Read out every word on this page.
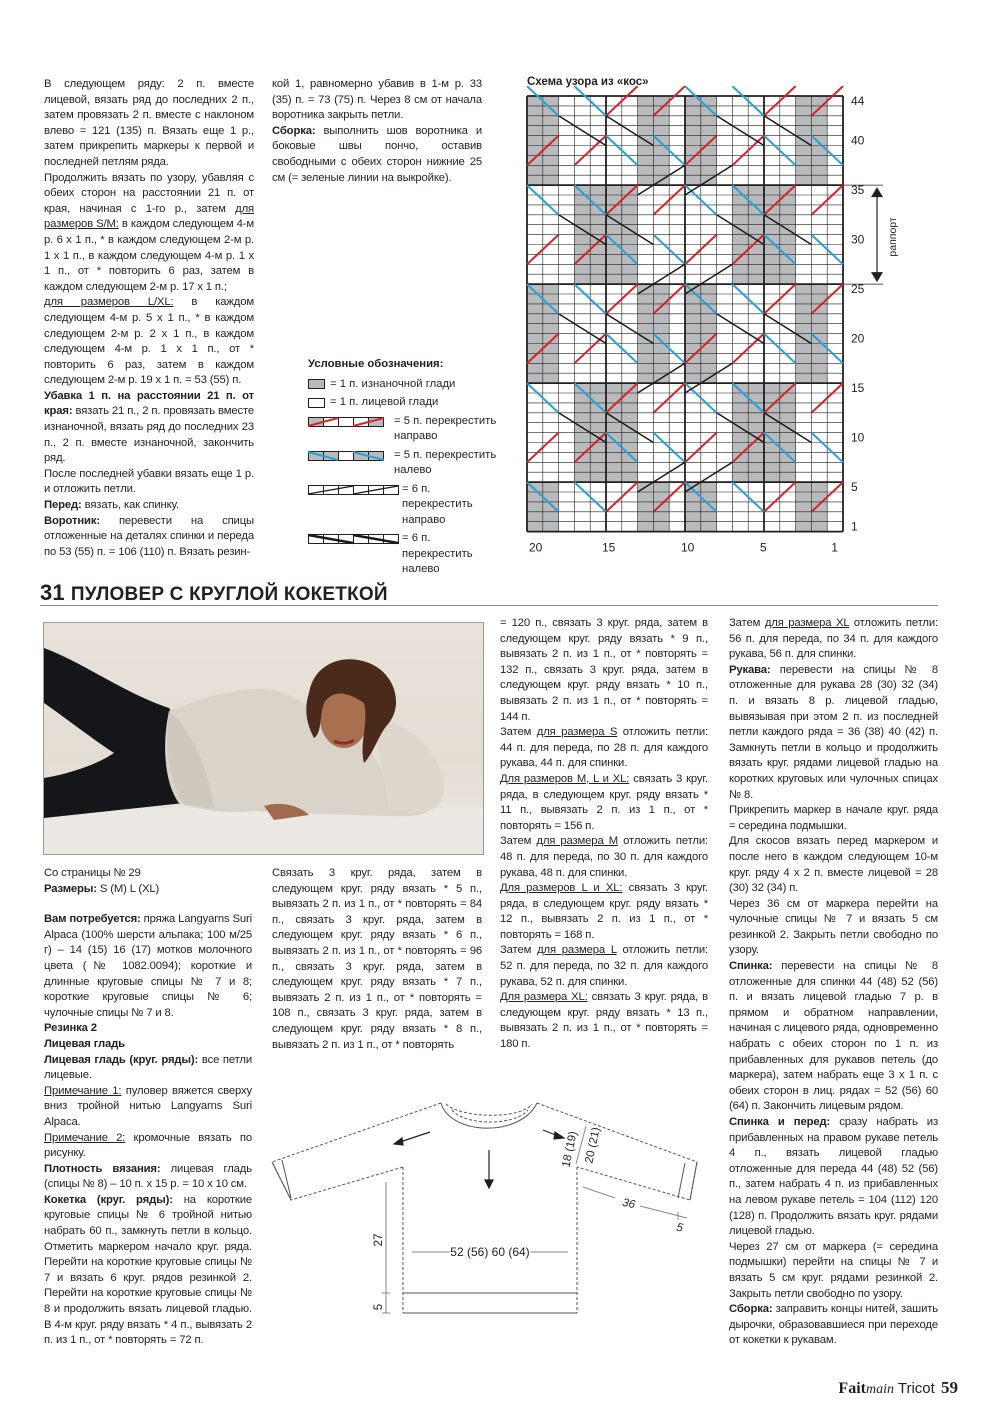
В следующем ряду: 2 п. вместе лицевой, вязать ряд до последних 2 п., затем провязать 2 п. вместе с наклоном влево = 121 (135) п. Вязать еще 1 р., затем прикрепить маркеры к первой и последней петлям ряда.

Продолжить вязать по узору, убавляя с обеих сторон на расстоянии 21 п. от края, начиная с 1-го р., затем для размеров S/M: в каждом следующем 4-м р. 6 x 1 п., * в каждом следующем 2-м р. 1 x 1 п., в каждом следующем 4-м р. 1 x 1 п., от * повторить 6 раз, затем в каждом следующем 2-м р. 17 x 1 п.;

для размеров L/XL: в каждом следующем 4-м р. 5 x 1 п., * в каждом следующем 2-м р. 2 x 1 п., в каждом следующем 4-м р. 1 x 1 п., от * повторить 6 раз, затем в каждом следующем 2-м р. 19 x 1 п. = 53 (55) п.

Убавка 1 п. на расстоянии 21 п. от края: вязать 21 п., 2 п. провязать вместе изнаночной, вязать ряд до последних 23 п., 2 п. вместе изнаночной, закончить ряд.

После последней убавки вязать еще 1 р. и отложить петли.

Перед: вязать, как спинку.

Воротник: перевести на спицы отложенные на деталях спинки и переда по 53 (55) п. = 106 (110) п. Вязать резин-

кой 1, равномерно убавив в 1-м р. 33 (35) п. = 73 (75) п. Через 8 см от начала воротника закрыть петли.

Сборка: выполнить шов воротника и боковые швы пончо, оставив свободными с обеих сторон нижние 25 см (= зеленые линии на выкройке).

Условные обозначения:
= 1 п. изнаночной глади
= 1 п. лицевой глади
= 5 п. перекрестить направо
= 5 п. перекрестить налево
= 6 п. перекрестить направо
= 6 п. перекрестить налево
Схема узора из «кос»
1
5
10
15
20
25
30
35
40
44
20	15	10	5	1
раппорт
31 ПУЛОВЕР С КРУГЛОЙ КОКЕТКОЙ

Со страницы № 29

Размеры: S (M) L (XL)

Вам потребуется: пряжа Langyarns Suri Alpaca (100% шерсти альпака; 100 м/25 г) – 14 (15) 16 (17) мотков молочного цвета (№ 1082.0094); короткие и длинные круговые спицы № 7 и 8; короткие круговые спицы № 6; чулочные спицы № 7 и 8.

Резинка 2

Лицевая гладь

Лицевая гладь (круг. ряды): все петли лицевые.

Примечание 1: пуловер вяжется сверху вниз тройной нитью Langyarns Suri Alpaca.

Примечание 2: кромочные вязать по рисунку.

Плотность вязания: лицевая гладь (спицы № 8) – 10 п. x 15 р. = 10 x 10 см.

Кокетка (круг. ряды): на короткие круговые спицы № 6 тройной нитью набрать 60 п., замкнуть петли в кольцо. Отметить маркером начало круг. ряда. Перейти на короткие круговые спицы № 7 и вязать 6 круг. рядов резинкой 2. Перейти на короткие круговые спицы № 8 и продолжить вязать лицевой гладью. В 4-м круг. ряду вязать * 4 п., вывязать 2 п. из 1 п., от * повторять = 72 п.

Связать 3 круг. ряда, затем в следующем круг. ряду вязать * 5 п., вывязать 2 п. из 1 п., от * повторять = 84 п., связать 3 круг. ряда, затем в следующем круг. ряду вязать * 6 п., вывязать 2 п. из 1 п., от * повторять = 96 п., связать 3 круг. ряда, затем в следующем круг. ряду вязать * 7 п., вывязать 2 п. из 1 п., от * повторять = 108 п., связать 3 круг. ряда, затем в следующем круг. ряду вязать * 8 п., вывязать 2 п. из 1 п., от * повторять

= 120 п., связать 3 круг. ряда, затем в следующем круг. ряду вязать * 9 п., вывязать 2 п. из 1 п., от * повторять = 132 п., связать 3 круг. ряда, затем в следующем круг. ряду вязать * 10 п., вывязать 2 п. из 1 п., от * повторять = 144 п.

Затем для размера S отложить петли: 44 п. для переда, по 28 п. для каждого рукава, 44 п. для спинки.

Для размеров M, L и XL: связать 3 круг. ряда, в следующем круг. ряду вязать * 11 п., вывязать 2 п. из 1 п., от * повторять = 156 п.

Затем для размера M отложить петли: 48 п. для переда, по 30 п. для каждого рукава, 48 п. для спинки.

Для размеров L и XL: связать 3 круг. ряда, в следующем круг. ряду вязать * 12 п., вывязать 2 п. из 1 п., от * повторять = 168 п.

Затем для размера L отложить петли: 52 п. для переда, по 32 п. для каждого рукава, 52 п. для спинки.

Для размера XL: связать 3 круг. ряда, в следующем круг. ряду вязать * 13 п., вывязать 2 п. из 1 п., от * повторять = 180 п.

Затем для размера XL отложить петли: 56 п. для переда, по 34 п. для каждого рукава, 56 п. для спинки.

Рукава: перевести на спицы № 8 отложенные для рукава 28 (30) 32 (34) п. и вязать 8 р. лицевой гладью, вывязывая при этом 2 п. из последней петли каждого ряда = 36 (38) 40 (42) п. Замкнуть петли в кольцо и продолжить вязать круг. рядами лицевой гладью на коротких круговых или чулочных спицах № 8.

Прикрепить маркер в начале круг. ряда = середина подмышки.

Для скосов вязать перед маркером и после него в каждом следующем 10-м круг. ряду 4 x 2 п. вместе лицевой = 28 (30) 32 (34) п.

Через 36 см от маркера перейти на чулочные спицы № 7 и вязать 5 см резинкой 2. Закрыть петли свободно по узору.

Спинка: перевести на спицы № 8 отложенные для спинки 44 (48) 52 (56) п. и вязать лицевой гладью 7 р. в прямом и обратном направлении, начиная с лицевого ряда, одновременно набрать с обеих сторон по 1 п. из прибавленных для рукавов петель (до маркера), затем набрать еще 3 x 1 п. с обеих сторон в лиц. рядах = 52 (56) 60 (64) п. Закончить лицевым рядом.

Спинка и перед: сразу набрать из прибавленных на правом рукаве петель 4 п., вязать лицевой гладью отложенные для переда 44 (48) 52 (56) п., затем набрать 4 п. из прибавленных на левом рукаве петель = 104 (112) 120 (128) п. Продолжить вязать круг. рядами лицевой гладью.

Через 27 см от маркера (= середина подмышки) перейти на спицы № 7 и вязать 5 см круг. рядами резинкой 2. Закрыть петли свободно по узору.

Сборка: заправить концы нитей, зашить дырочки, образовавшиеся при переходе от кокетки к рукавам.

27
5
52 (56) 60 (64)
18 (19) 20 (21)
36
5
Faitmain Tricot 59
